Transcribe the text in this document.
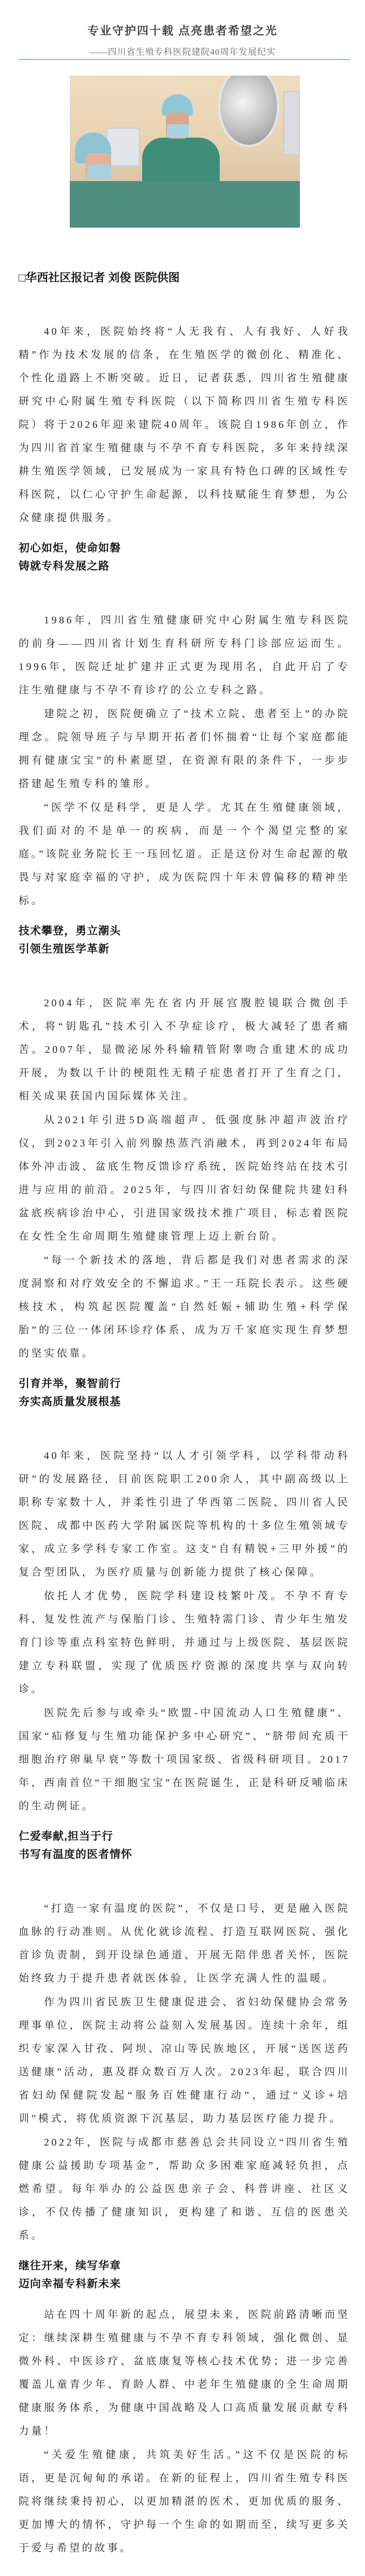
专业守护四十载 点亮患者希望之光
——四川省生殖专科医院建院40周年发展纪实
□华西社区报记者 刘俊 医院供图

40年来，医院始终将“人无我有、人有我好、人好我精”作为技术发展的信条，在生殖医学的微创化、精准化、个性化道路上不断突破。近日，记者获悉，四川省生殖健康研究中心附属生殖专科医院（以下简称四川省生殖专科医院）将于2026年迎来建院40周年。该院自1986年创立，作为四川省首家生殖健康与不孕不育专科医院，多年来持续深耕生殖医学领域，已发展成为一家具有特色口碑的区域性专科医院，以仁心守护生命起源，以科技赋能生育梦想，为公众健康提供服务。

初心如炬，使命如磐
铸就专科发展之路

1986年，四川省生殖健康研究中心附属生殖专科医院的前身——四川省计划生育科研所专科门诊部应运而生。1996年，医院迁址扩建并正式更为现用名，自此开启了专注生殖健康与不孕不育诊疗的公立专科之路。

建院之初，医院便确立了“技术立院、患者至上”的办院理念。院领导班子与早期开拓者们怀揣着“让每个家庭都能拥有健康宝宝”的朴素愿望，在资源有限的条件下，一步步搭建起生殖专科的雏形。

“医学不仅是科学，更是人学。尤其在生殖健康领域，我们面对的不是单一的疾病，而是一个个渴望完整的家庭。”该院业务院长王一珏回忆道。正是这份对生命起源的敬畏与对家庭幸福的守护，成为医院四十年未曾偏移的精神坐标。

技术攀登，勇立潮头
引领生殖医学革新

2004年，医院率先在省内开展宫腹腔镜联合微创手术，将“钥匙孔”技术引入不孕症诊疗，极大减轻了患者痛苦。2007年，显微泌尿外科输精管附睾吻合重建术的成功开展，为数以千计的梗阻性无精子症患者打开了生育之门，相关成果获国内国际媒体关注。

从2021年引进5D高端超声、低强度脉冲超声波治疗仪，到2023年引入前列腺热蒸汽消融术，再到2024年布局体外冲击波、盆底生物反馈诊疗系统，医院始终站在技术引进与应用的前沿。2025年，与四川省妇幼保健院共建妇科盆底疾病诊治中心，引进国家级技术推广项目，标志着医院在女性全生命周期生殖健康管理上迈上新台阶。

“每一个新技术的落地，背后都是我们对患者需求的深度洞察和对疗效安全的不懈追求。”王一珏院长表示。这些硬核技术，构筑起医院覆盖“自然妊娠+辅助生殖+科学保胎”的三位一体闭环诊疗体系，成为万千家庭实现生育梦想的坚实依靠。

引育并举，聚智前行
夯实高质量发展根基

40年来，医院坚持“以人才引领学科，以学科带动科研”的发展路径，目前医院职工200余人，其中副高级以上职称专家数十人，并柔性引进了华西第二医院、四川省人民医院、成都中医药大学附属医院等机构的十多位生殖领域专家，成立多学科专家工作室。这支“自有精锐+三甲外援”的复合型团队，为医疗质量与创新能力提供了核心保障。

依托人才优势，医院学科建设枝繁叶茂。不孕不育专科、复发性流产与保胎门诊、生殖特需门诊、青少年生殖发育门诊等重点科室特色鲜明，并通过与上级医院、基层医院建立专科联盟，实现了优质医疗资源的深度共享与双向转诊。

医院先后参与或牵头“欧盟-中国流动人口生殖健康”、国家“疝修复与生殖功能保护多中心研究”、“脐带间充质干细胞治疗卵巢早衰”等数十项国家级、省级科研项目。2017年，西南首位“干细胞宝宝”在医院诞生，正是科研反哺临床的生动例证。

仁爱奉献,担当于行
书写有温度的医者情怀

“打造一家有温度的医院”，不仅是口号，更是融入医院血脉的行动准则。从优化就诊流程、打造互联网医院、强化首诊负责制，到开设绿色通道、开展无陪伴患者关怀，医院始终致力于提升患者就医体验，让医学充满人性的温暖。

作为四川省民族卫生健康促进会、省妇幼保健协会常务理事单位，医院主动将公益刻入发展基因。连续十余年，组织专家深入甘孜、阿坝、凉山等民族地区，开展“送医送药送健康”活动，惠及群众数百万人次。2023年起，联合四川省妇幼保健院发起“服务百姓健康行动”，通过“义诊+培训”模式，将优质资源下沉基层，助力基层医疗能力提升。

2022年，医院与成都市慈善总会共同设立“四川省生殖健康公益援助专项基金”，帮助众多困难家庭减轻负担，点燃希望。每年举办的公益医患亲子会、科普讲座、社区义诊，不仅传播了健康知识，更构建了和谐、互信的医患关系。

继往开来，续写华章
迈向幸福专科新未来

站在四十周年新的起点，展望未来，医院前路清晰而坚定：继续深耕生殖健康与不孕不育专科领域，强化微创、显微外科、中医诊疗、盆底康复等核心技术优势；进一步完善覆盖儿童青少年、育龄人群、中老年生殖健康的全生命周期健康服务体系，为健康中国战略及人口高质量发展贡献专科力量！

“关爱生殖健康，共筑美好生活。”这不仅是医院的标语，更是沉甸甸的承诺。在新的征程上，四川省生殖专科医院将继续秉持初心，以更加精湛的医术、更加优质的服务、更加博大的情怀，守护每一个生命的如期而至，续写更多关于爱与希望的故事。
